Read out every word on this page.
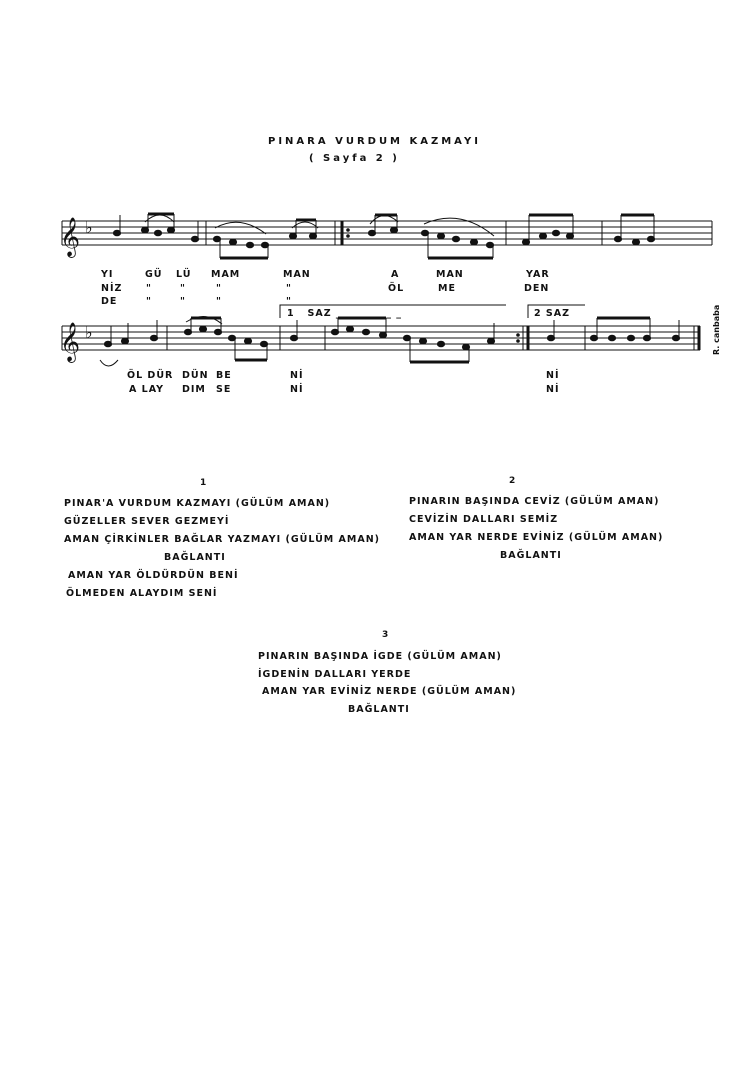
PINARA VURDUM KAZMAYI
( Sayfa 2 )
𝄞 ♭
𝄞 ♭
YI	GÜ LÜ MAM	MAN	A	MAN	YAR
NİZ "	"	"	"	ÖL	ME	DEN
DE	"	"	"	"
ÖL DÜR DÜN BE	Nİ	Nİ
A LAY DIM SE	Nİ	Nİ
1   SAZ _ _ _ _ _ _ _	2 SAZ	R. canbaba
1
PINAR'A VURDUM KAZMAYI (GÜLÜM AMAN)
GÜZELLER SEVER GEZMEYİ
AMAN ÇİRKİNLER BAĞLAR YAZMAYI (GÜLÜM AMAN)
BAĞLANTI
AMAN YAR ÖLDÜRDÜN BENİ
ÖLMEDEN ALAYDIM SENİ
2
PINARIN BAŞINDA CEVİZ (GÜLÜM AMAN)
CEVİZİN DALLARI SEMİZ
AMAN YAR NERDE EVİNİZ (GÜLÜM AMAN)
BAĞLANTI
3
PINARIN BAŞINDA İGDE (GÜLÜM AMAN)
İGDENİN DALLARI YERDE
AMAN YAR EVİNİZ NERDE (GÜLÜM AMAN)
BAĞLANTI
